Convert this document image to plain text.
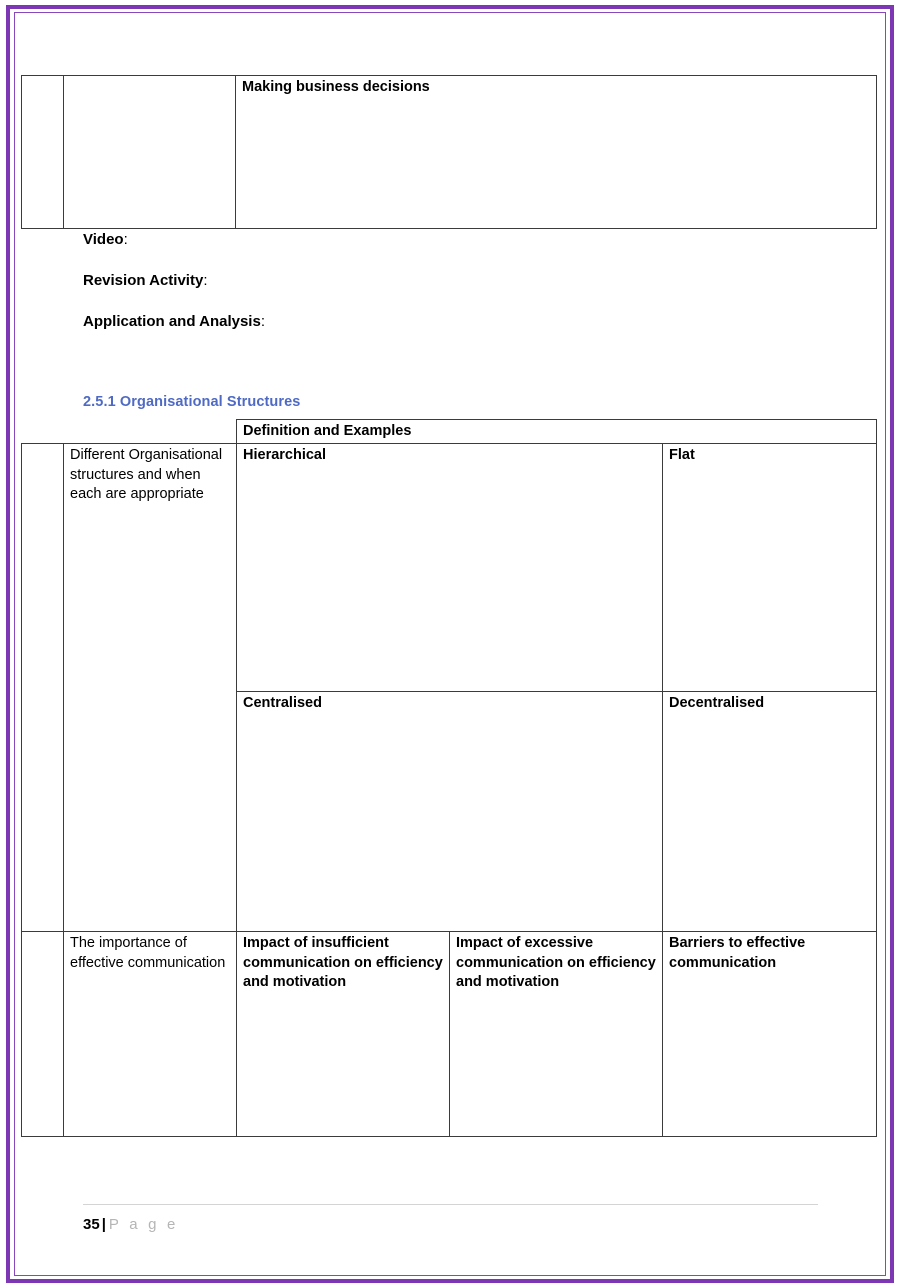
		Making business decisions
Video:
Revision Activity:
Application and Analysis:
2.5.1 Organisational Structures
		Definition and Examples		
	Different Organisational structures and when each are appropriate	Hierarchical		Flat
		Centralised		Decentralised
	The importance of effective communication	Impact of insufficient communication on efficiency and motivation	Impact of excessive communication on efficiency and motivation	Barriers to effective communication
35 | P a g e
